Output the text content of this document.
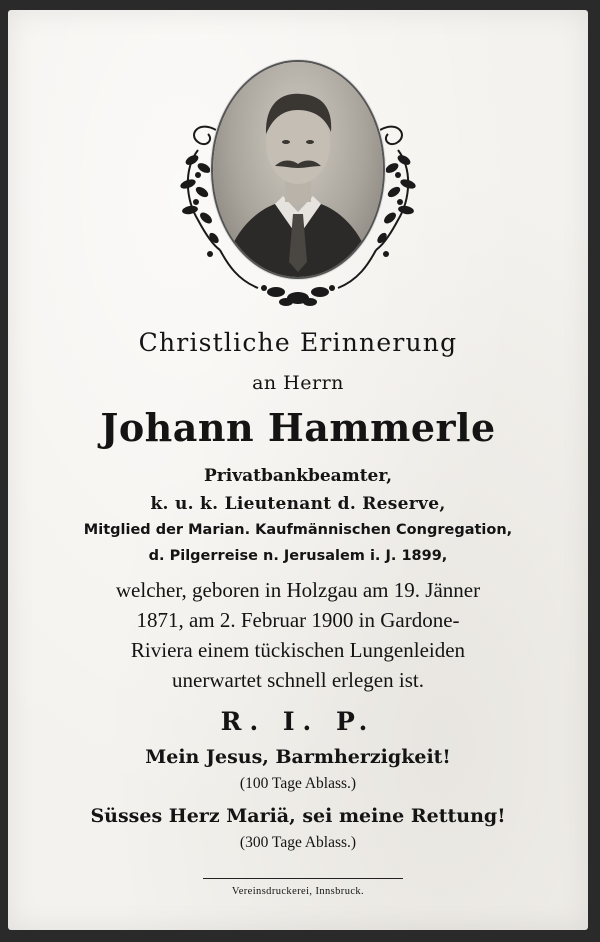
Christliche Erinnerung
an Herrn
Johann Hammerle
Privatbankbeamter,
k. u. k. Lieutenant d. Reserve,
Mitglied der Marian. Kaufmännischen Congregation,
d. Pilgerreise n. Jerusalem i. J. 1899,
welcher, geboren in Holzgau am 19. Jänner
1871, am 2. Februar 1900 in Gardone-
Riviera einem tückischen Lungenleiden
unerwartet schnell erlegen ist.
R. I. P.
Mein Jesus, Barmherzigkeit!
(100 Tage Ablass.)
Süsses Herz Mariä, sei meine Rettung!
(300 Tage Ablass.)
Vereinsdruckerei, Innsbruck.
